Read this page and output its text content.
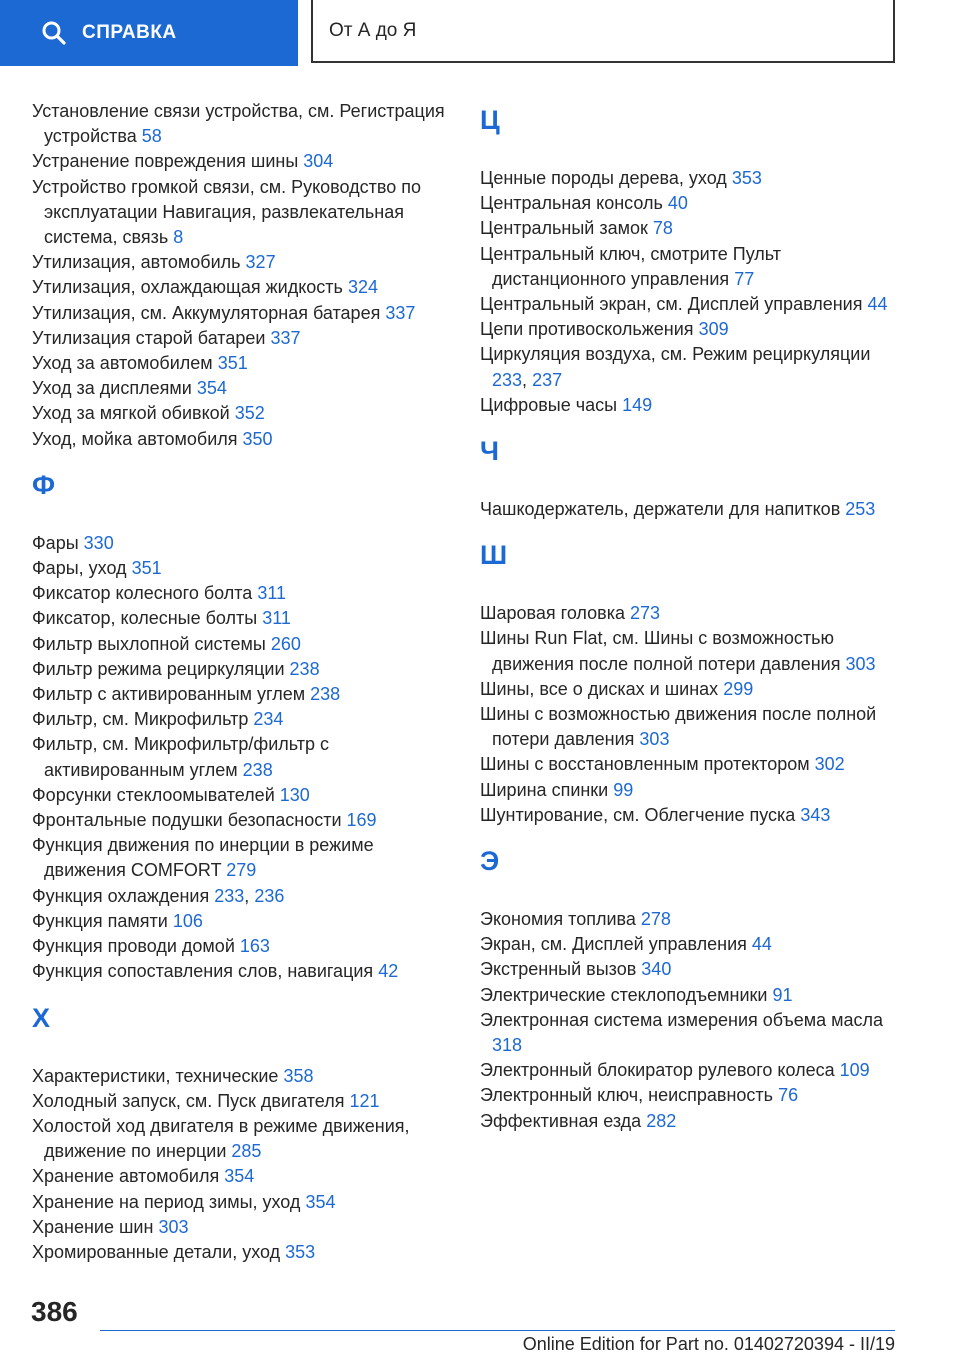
СПРАВКА	От А до Я
Установление связи устройства, см. Регистрация устройства 58
Устранение повреждения шины 304
Устройство громкой связи, см. Руководство по эксплуатации Навигация, развлекательная система, связь 8
Утилизация, автомобиль 327
Утилизация, охлаждающая жидкость 324
Утилизация, см. Аккумуляторная батарея 337
Утилизация старой батареи 337
Уход за автомобилем 351
Уход за дисплеями 354
Уход за мягкой обивкой 352
Уход, мойка автомобиля 350
Ф
Фары 330
Фары, уход 351
Фиксатор колесного болта 311
Фиксатор, колесные болты 311
Фильтр выхлопной системы 260
Фильтр режима рециркуляции 238
Фильтр с активированным углем 238
Фильтр, см. Микрофильтр 234
Фильтр, см. Микрофильтр/фильтр с активированным углем 238
Форсунки стеклоомывателей 130
Фронтальные подушки безопасности 169
Функция движения по инерции в режиме движения COMFORT 279
Функция охлаждения 233, 236
Функция памяти 106
Функция проводи домой 163
Функция сопоставления слов, навигация 42
Х
Характеристики, технические 358
Холодный запуск, см. Пуск двигателя 121
Холостой ход двигателя в режиме движения, движение по инерции 285
Хранение автомобиля 354
Хранение на период зимы, уход 354
Хранение шин 303
Хромированные детали, уход 353
Ц
Ценные породы дерева, уход 353
Центральная консоль 40
Центральный замок 78
Центральный ключ, смотрите Пульт дистанционного управления 77
Центральный экран, см. Дисплей управления 44
Цепи противоскольжения 309
Циркуляция воздуха, см. Режим рециркуляции 233, 237
Цифровые часы 149
Ч
Чашкодержатель, держатели для напитков 253
Ш
Шаровая головка 273
Шины Run Flat, см. Шины с возможностью движения после полной потери давления 303
Шины, все о дисках и шинах 299
Шины с возможностью движения после полной потери давления 303
Шины с восстановленным протектором 302
Ширина спинки 99
Шунтирование, см. Облегчение пуска 343
Э
Экономия топлива 278
Экран, см. Дисплей управления 44
Экстренный вызов 340
Электрические стеклоподъемники 91
Электронная система измерения объема масла 318
Электронный блокиратор рулевого колеса 109
Электронный ключ, неисправность 76
Эффективная езда 282
386
Online Edition for Part no. 01402720394 - II/19
